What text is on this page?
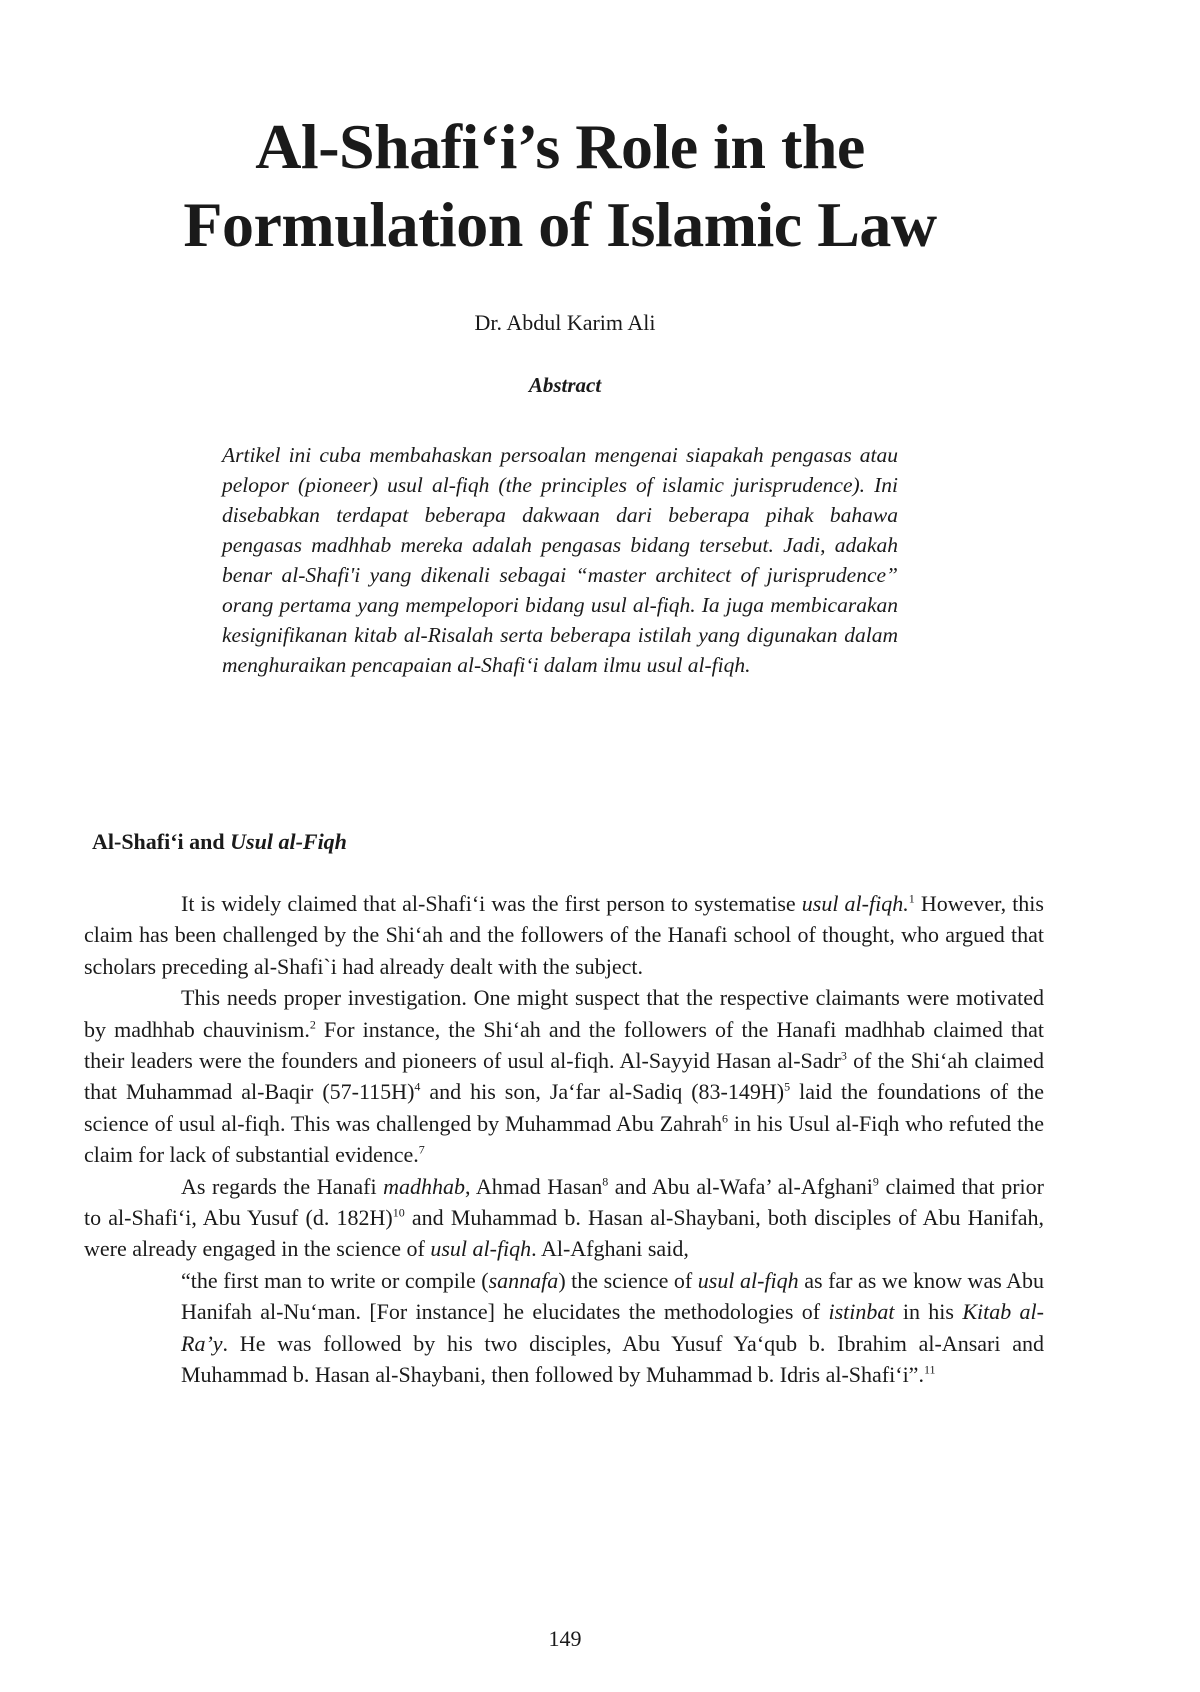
Al-Shafi‘i’s Role in the Formulation of Islamic Law
Dr. Abdul Karim Ali
Abstract

Artikel ini cuba membahaskan persoalan mengenai siapakah pengasas atau pelopor (pioneer) usul al-fiqh (the principles of islamic jurisprudence). Ini disebabkan terdapat beberapa dakwaan dari beberapa pihak bahawa pengasas madhhab mereka adalah pengasas bidang tersebut. Jadi, adakah benar al-Shafi'i yang dikenali sebagai “master architect of jurisprudence” orang pertama yang mempelopori bidang usul al-fiqh. Ia juga membicarakan kesignifikanan kitab al-Risalah serta beberapa istilah yang digunakan dalam menghuraikan pencapaian al-Shafi‘i dalam ilmu usul al-fiqh.

Al-Shafi‘i and Usul al-Fiqh

It is widely claimed that al-Shafi‘i was the first person to systematise usul al-fiqh.$^1$ However, this claim has been challenged by the Shi‘ah and the followers of the Hanafi school of thought, who argued that scholars preceding al-Shafi`i had already dealt with the subject.

This needs proper investigation. One might suspect that the respective claimants were motivated by madhhab chauvinism.$^2$ For instance, the Shi‘ah and the followers of the Hanafi madhhab claimed that their leaders were the founders and pioneers of usul al-fiqh. Al-Sayyid Hasan al-Sadr$^3$ of the Shi‘ah claimed that Muhammad al-Baqir $(57-115H)^4$ and his son, Ja‘far al-Sadiq $(83-149H)^5$ laid the foundations of the science of usul al-fiqh. This was challenged by Muhammad Abu Zahrah$^6$ in his Usul al-Fiqh who refuted the claim for lack of substantial evidence.$^7$

As regards the Hanafi madhhab, Ahmad Hasan$^8$ and Abu al-Wafa’ al-Afghani$^9$ claimed that prior to al-Shafi‘i, Abu Yusuf (d. 182H)$^{10}$ and Muhammad b. Hasan al-Shaybani, both disciples of Abu Hanifah, were already engaged in the science of usul al-fiqh. Al-Afghani said,

“the first man to write or compile (sannafa) the science of usul al-fiqh as far as we know was Abu Hanifah al-Nu‘man. [For instance] he elucidates the methodologies of istinbat in his Kitab al-Ra’y. He was followed by his two disciples, Abu Yusuf Ya‘qub b. Ibrahim al-Ansari and Muhammad b. Hasan al-Shaybani, then followed by Muhammad b. Idris al-Shafi‘i”.$^{11}$
149
